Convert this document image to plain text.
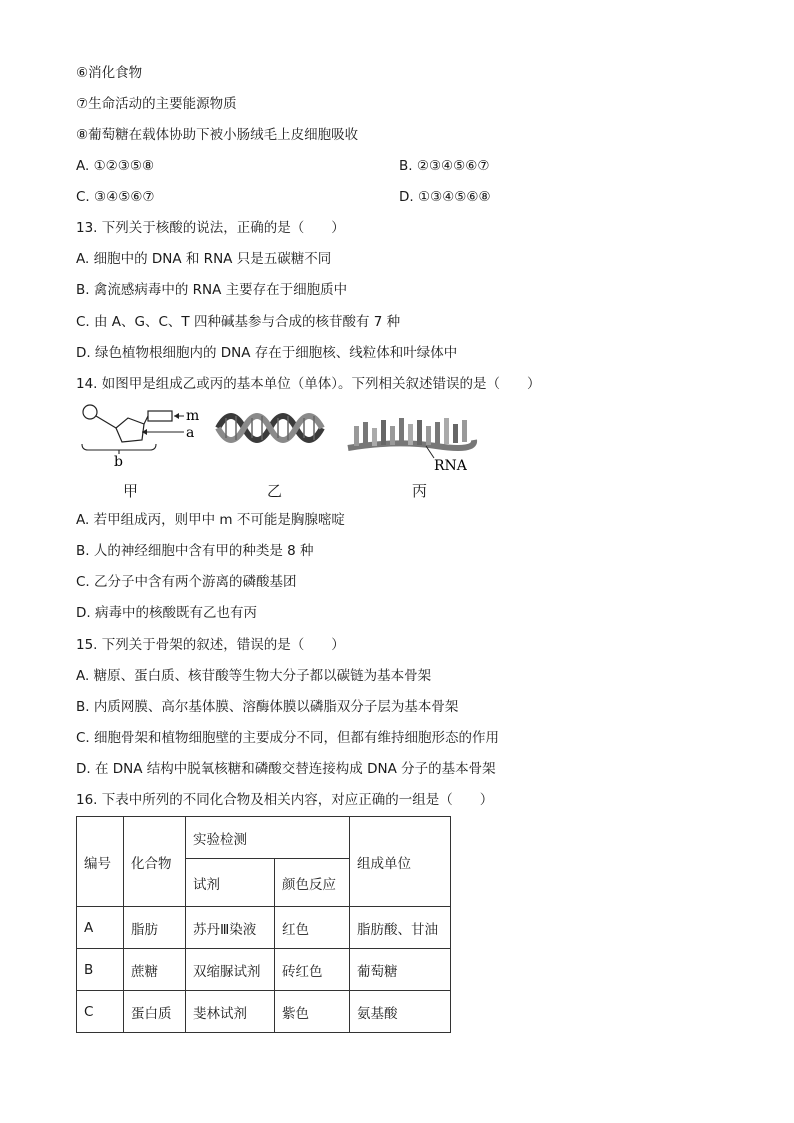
⑥消化食物
⑦生命活动的主要能源物质
⑧葡萄糖在载体协助下被小肠绒毛上皮细胞吸收
A. ①②③⑤⑧	B. ②③④⑤⑥⑦
C. ③④⑤⑥⑦	D. ①③④⑤⑥⑧
13. 下列关于核酸的说法，正确的是（　　）
A. 细胞中的 DNA 和 RNA 只是五碳糖不同
B. 禽流感病毒中的 RNA 主要存在于细胞质中
C. 由 A、G、C、T 四种碱基参与合成的核苷酸有 7 种
D. 绿色植物根细胞内的 DNA 存在于细胞核、线粒体和叶绿体中
14. 如图甲是组成乙或丙的基本单位（单体）。下列相关叙述错误的是（　　）
m
a
b	RNA
甲	乙	丙
A. 若甲组成丙，则甲中 m 不可能是胸腺嘧啶
B. 人的神经细胞中含有甲的种类是 8 种
C. 乙分子中含有两个游离的磷酸基团
D. 病毒中的核酸既有乙也有丙
15. 下列关于骨架的叙述，错误的是（　　）
A. 糖原、蛋白质、核苷酸等生物大分子都以碳链为基本骨架
B. 内质网膜、高尔基体膜、溶酶体膜以磷脂双分子层为基本骨架
C. 细胞骨架和植物细胞壁的主要成分不同，但都有维持细胞形态的作用
D. 在 DNA 结构中脱氧核糖和磷酸交替连接构成 DNA 分子的基本骨架
16. 下表中所列的不同化合物及相关内容，对应正确的一组是（　　）
编号	化合物	实验检测		组成单位
		试剂	颜色反应	
A	脂肪	苏丹Ⅲ染液	红色	脂肪酸、甘油
B	蔗糖	双缩脲试剂	砖红色	葡萄糖
C	蛋白质	斐林试剂	紫色	氨基酸
